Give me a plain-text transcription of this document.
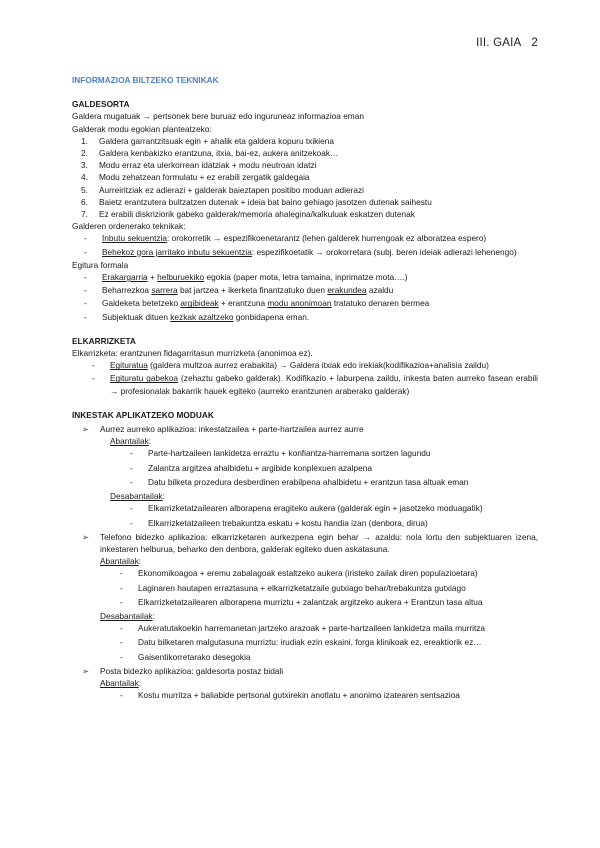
III. GAIA 2
INFORMAZIOA BILTZEKO TEKNIKAK
GALDESORTA

Galdera mugatuak → pertsonek bere buruaz edo inguruneaz informazioa eman

Galderak modu egokian planteatzeko:

1.	Galdera garrantzitsuak egin + ahalik eta galdera kopuru txikiena
2.	Galdera kenbakizko erantzuna, itxia, bai-ez, aukera anitzekoak…
3.	Modu erraz eta ulerkorrean idatziak + modu neutroan idatzi
4.	Modu zehatzean formulatu + ez erabili zergatik galdegaia
5.	Aurreiritziak ez adierazi + galderak baieztapen positibo moduan adierazi
6.	Baietz erantzutera bultzatzen dutenak + ideia bat baino gehiago jasotzen dutenak saihestu
7.	Ez erabili diskriziorik gabeko galderak/memoria ahalegina/kalkuluak eskatzen dutenak

Galderen ordenerako teknikak:

-	Inbutu sekuentzia: orokorretik → espezifikoenetarantz (lehen galderek hurrengoak ez alboratzea espero)
-	Behekoz gora jarritako inbutu sekuentzia: espezifikoetatik → orokorretara (subj. beren ideiak adierazi lehenengo)

Egitura formala

-	Erakargarria + helburuekiko egokia (paper mota, letra tamaina, inprimatze mota….)
-	Beharrezkoa sarrera bat jartzea + ikerketa finantzatuko duen erakundea azaldu
-	Galdeketa betetzeko argibideak + erantzuna modu anonimoan tratatuko denaren bermea
-	Subjektuak dituen kezkak azaltzeko gonbidapena eman.
ELKARRIZKETA

Elkarrizketa: erantzunen fidagarritasun murrizketa (anonimoa ez).

-	Egituratua (galdera multzoa aurrez erabakita) → Galdera itxiak edo irekiak(kodifikazioa+analisia zaildu)
-	Egituratu gabekoa (zehaztu gabeko galderak). Kodifikazio + laburpena zaildu, inkesta baten aurreko fasean erabili → profesionalak bakarrik hauek egiteko (aurreko erantzunen araberako galderak)
INKESTAK APLIKATZEKO MODUAK
➢	Aurrez aurreko aplikazioa: inkestatzailea + parte-hartzailea aurrez aurre
Abantailak:
-	Parte-hartzaileen lankidetza erraztu + konfiantza-harremana sortzen lagundu
-	Zalantza argitzea ahalbidetu + argibide konplexuen azalpena
-	Datu bilketa prozedura desberdinen erabilpena ahalbidetu + erantzun tasa altuak eman
Desabantailak:
-	Elkarrizketatzailearen alborapena eragiteko aukera (galderak egin + jasotzeko moduagatik)
-	Elkarrizketatzaileen trebakuntza eskatu + kostu handia izan (denbora, dirua)
➢	Telefono bidezko aplikazioa: elkarrizketaren aurkezpena egin behar → azaldu: nola lortu den subjektuaren izena, inkestaren helburua, beharko den denbora, galderak egiteko duen askatasuna.
Abantailak:
-	Ekonomikoagoa + eremu zabalagoak estaltzeko aukera (iristeko zailak diren populazioetara)
-	Laginaren hautapen erraztasuna + elkarrizketatzaile gutxiago behar/trebakuntza gutxiago
-	Elkarrizketatzailearen alborapena murriztu + zalantzak argitzeko aukera + Erantzun tasa altua
Desabantailak:
-	Aukeratutakoekin harremanetan jartzeko arazoak + parte-hartzaileen lankidetza maila murritza
-	Datu bilketaren malgutasuna murriztu: irudiak ezin eskaini, forga klinikoak ez, ereaktiorik ez…
-	Gaisentikorretarako desegokia
➢	Posta bidezko aplikazioa: galdesorta postaz bidali
Abantailak:
-	Kostu murritza + baliabide pertsonal gutxirekin anotlatu + anonimo izatearen sentsazioa
